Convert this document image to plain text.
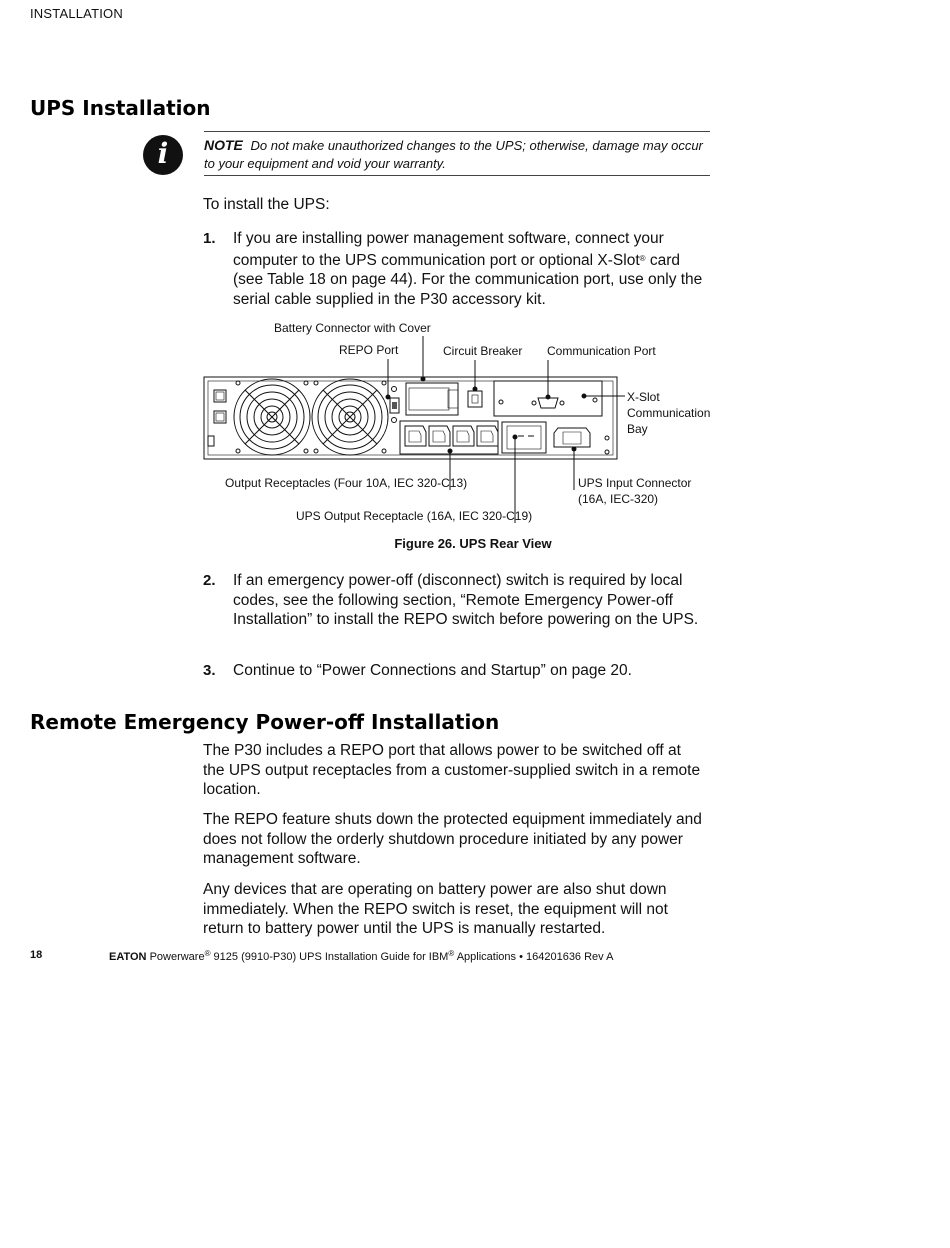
INSTALLATION
UPS Installation
i	NOTE Do not make unauthorized changes to the UPS; otherwise, damage may occur to your equipment and void your warranty.
To install the UPS:
1. If you are installing power management software, connect your computer to the UPS communication port or optional X-Slot® card (see Table 18 on page 44). For the communication port, use only the serial cable supplied in the P30 accessory kit.
Battery Connector with Cover
REPO Port	Circuit Breaker Communication Port
X-Slot
Communication
Bay
Output Receptacles (Four 10A, IEC 320-C13)	UPS Input Connector
(16A, IEC-320)
UPS Output Receptacle (16A, IEC 320-C19)
Figure 26. UPS Rear View
2. If an emergency power-off (disconnect) switch is required by local codes, see the following section, “Remote Emergency Power-off Installation” to install the REPO switch before powering on the UPS.
3. Continue to “Power Connections and Startup” on page 20.
Remote Emergency Power-off Installation
The P30 includes a REPO port that allows power to be switched off at the UPS output receptacles from a customer-supplied switch in a remote location.
The REPO feature shuts down the protected equipment immediately and does not follow the orderly shutdown procedure initiated by any power management software.
Any devices that are operating on battery power are also shut down immediately. When the REPO switch is reset, the equipment will not return to battery power until the UPS is manually restarted.
18	EATON Powerware® 9125 (9910-P30) UPS Installation Guide for IBM® Applications • 164201636 Rev A
